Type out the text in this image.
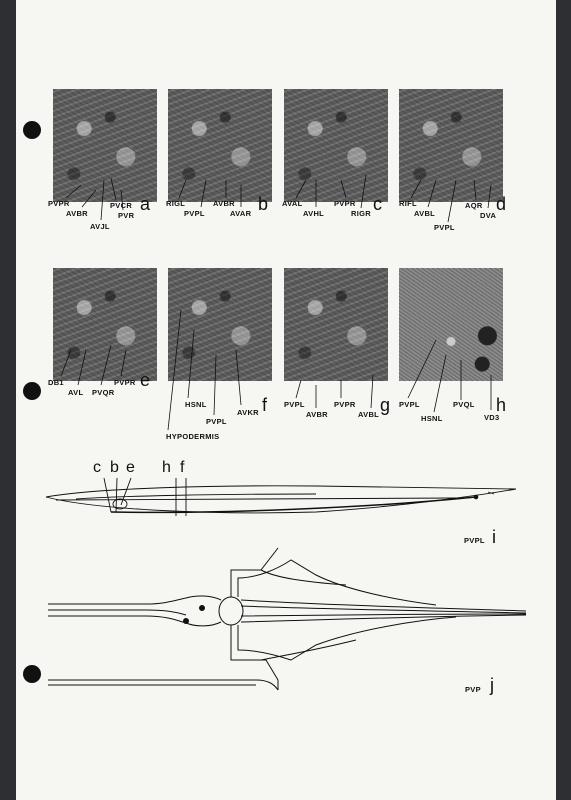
PVPR
AVBR
AVJL
PVCR
PVR
a RIGL
PVPL
AVBR
AVAR b AVAL
AVHL
PVPR
RIGR c RIFL
AVBL
PVPL
AQR
DVA
d
DB1
AVL PVQR
PVPR e
HSNL
PVPL
AVKR
HYPODERMIS
f PVPL
AVBR
PVPR
AVBL g PVPL
HSNL
PVQL
VD3
h
c b e h f
PVPL i
PVP j
